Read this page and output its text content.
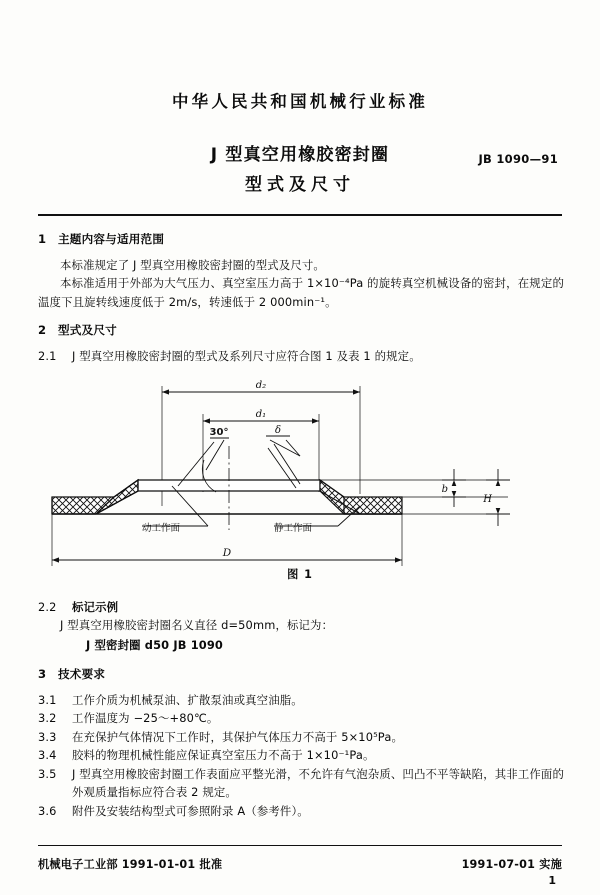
中华人民共和国机械行业标准
J 型真空用橡胶密封圈
型式及尺寸
JB 1090—91
1 主题内容与适用范围

本标准规定了 J 型真空用橡胶密封圈的型式及尺寸。

本标准适用于外部为大气压力、真空室压力高于 1×10⁻⁴Pa 的旋转真空机械设备的密封，在规定的温度下且旋转线速度低于 2m/s，转速低于 2 000min⁻¹。

2 型式及尺寸

2.1 J 型真空用橡胶密封圈的型式及系列尺寸应符合图 1 及表 1 的规定。

d₂
d₁
30°	δ
b
H
D
动工作面	静工作面
图 1

2.2 标记示例

J 型真空用橡胶密封圈名义直径 d=50mm，标记为：

J 型密封圈 d50 JB 1090

3 技术要求

3.1 工作介质为机械泵油、扩散泵油或真空油脂。

3.2 工作温度为 −25～+80℃。

3.3 在充保护气体情况下工作时，其保护气体压力不高于 5×10⁵Pa。

3.4 胶料的物理机械性能应保证真空室压力不高于 1×10⁻¹Pa。

3.5 J 型真空用橡胶密封圈工作表面应平整光滑，不允许有气泡杂质、凹凸不平等缺陷，其非工作面的外观质量指标应符合表 2 规定。

3.6 附件及安装结构型式可参照附录 A（参考件）。

机械电子工业部 1991-01-01 批准	1991-07-01 实施
1
